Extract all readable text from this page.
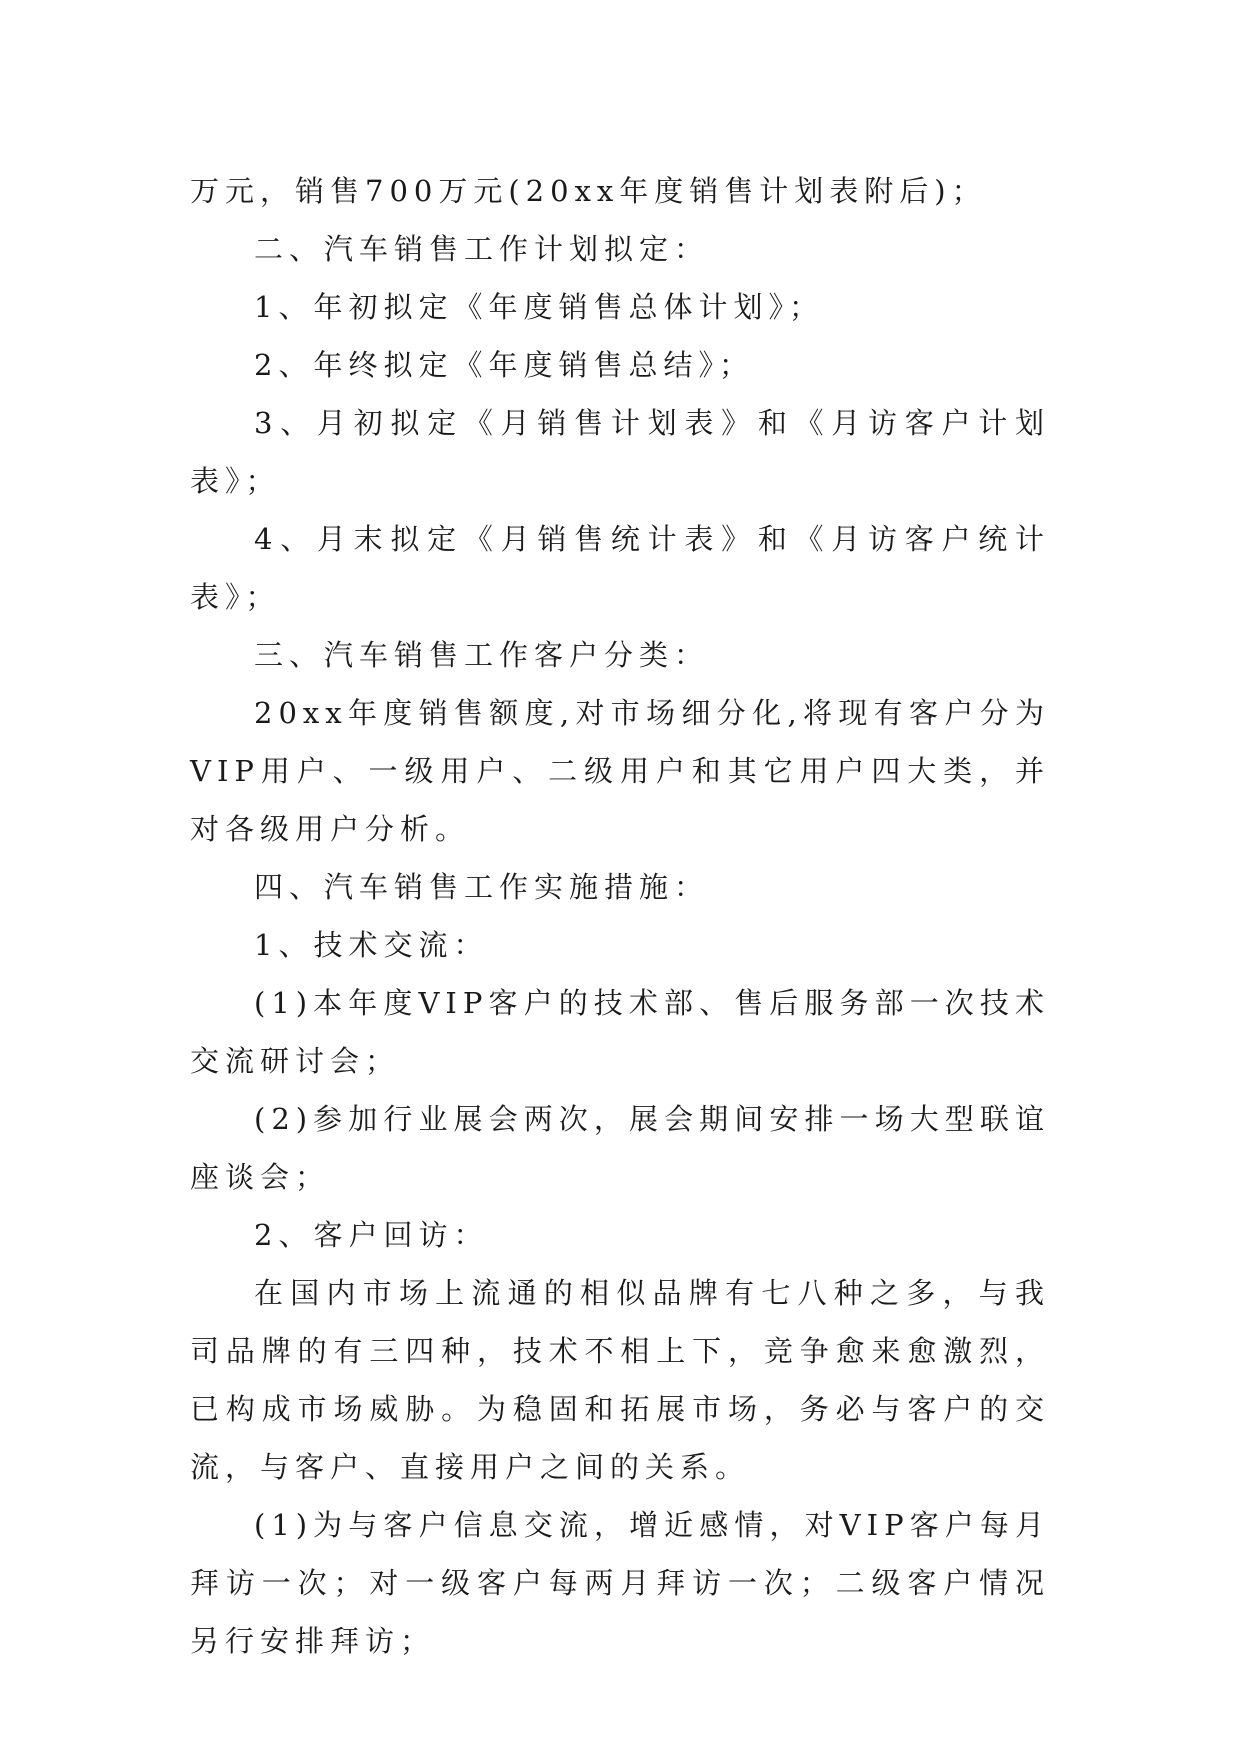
万元，销售700万元(20xx年度销售计划表附后)；

二、汽车销售工作计划拟定：

1、年初拟定《年度销售总体计划》；

2、年终拟定《年度销售总结》；

3、月初拟定《月销售计划表》和《月访客户计划表》；

4、月末拟定《月销售统计表》和《月访客户统计表》；

三、汽车销售工作客户分类：

20xx年度销售额度,对市场细分化,将现有客户分为VIP用户、一级用户、二级用户和其它用户四大类，并对各级用户分析。

四、汽车销售工作实施措施：

1、技术交流：

(1)本年度VIP客户的技术部、售后服务部一次技术交流研讨会；

(2)参加行业展会两次，展会期间安排一场大型联谊座谈会；

2、客户回访：

在国内市场上流通的相似品牌有七八种之多，与我司品牌的有三四种，技术不相上下，竞争愈来愈激烈，已构成市场威胁。为稳固和拓展市场，务必与客户的交流，与客户、直接用户之间的关系。

(1)为与客户信息交流，增近感情，对VIP客户每月拜访一次；对一级客户每两月拜访一次；二级客户情况另行安排拜访；
